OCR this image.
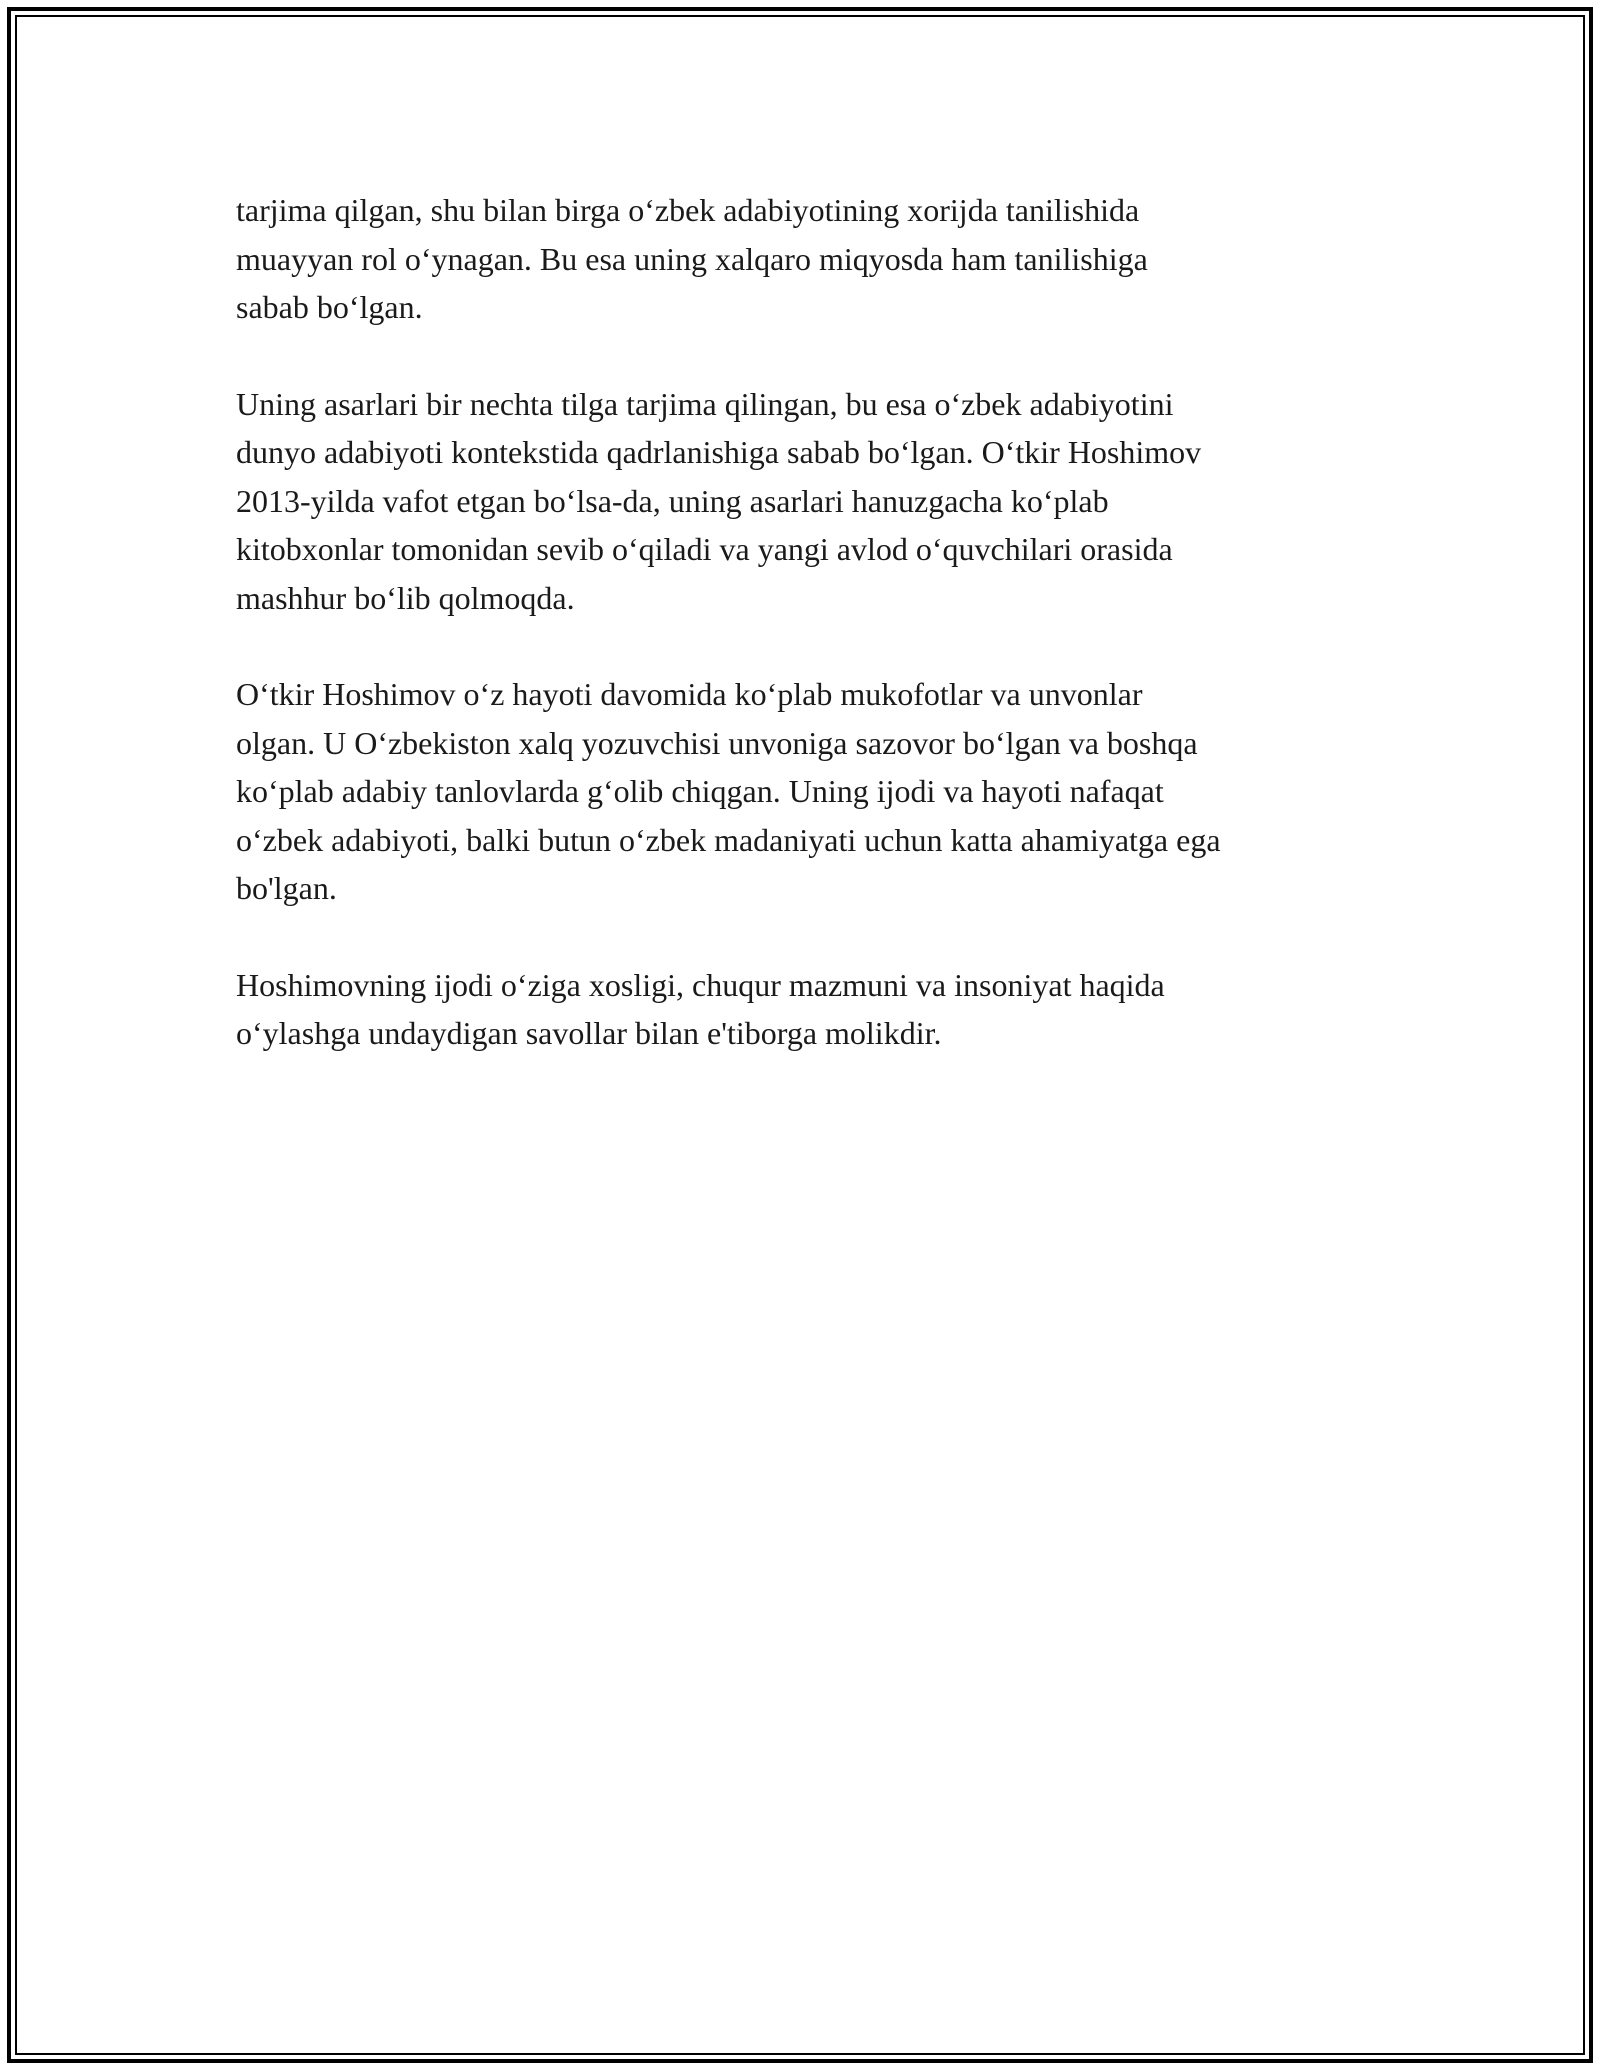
tarjima qilgan, shu bilan birga o‘zbek adabiyotining xorijda tanilishida
muayyan rol o‘ynagan. Bu esa uning xalqaro miqyosda ham tanilishiga
sabab bo‘lgan.

Uning asarlari bir nechta tilga tarjima qilingan, bu esa o‘zbek adabiyotini
dunyo adabiyoti kontekstida qadrlanishiga sabab bo‘lgan. O‘tkir Hoshimov
2013-yilda vafot etgan bo‘lsa-da, uning asarlari hanuzgacha ko‘plab
kitobxonlar tomonidan sevib o‘qiladi va yangi avlod o‘quvchilari orasida
mashhur bo‘lib qolmoqda.

O‘tkir Hoshimov o‘z hayoti davomida ko‘plab mukofotlar va unvonlar
olgan. U O‘zbekiston xalq yozuvchisi unvoniga sazovor bo‘lgan va boshqa
ko‘plab adabiy tanlovlarda g‘olib chiqgan. Uning ijodi va hayoti nafaqat
o‘zbek adabiyoti, balki butun o‘zbek madaniyati uchun katta ahamiyatga ega
bo'lgan.

Hoshimovning ijodi o‘ziga xosligi, chuqur mazmuni va insoniyat haqida
o‘ylashga undaydigan savollar bilan e'tiborga molikdir.
